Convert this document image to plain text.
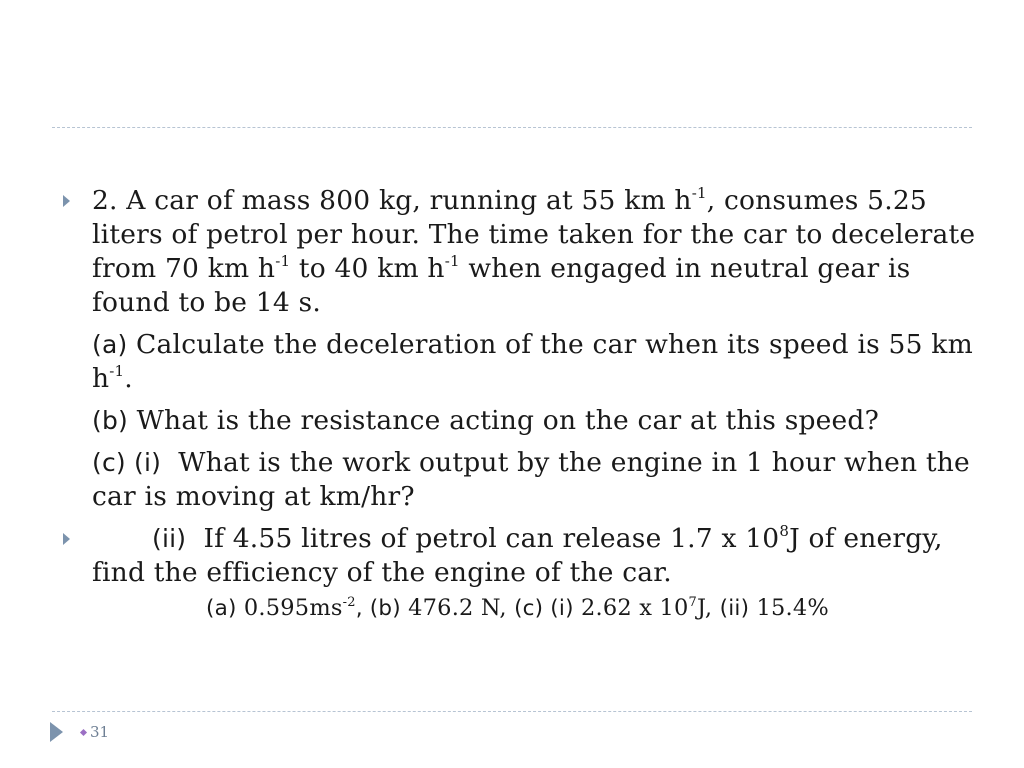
2. A car of mass 800 kg, running at 55 km $h^{-1}$, consumes 5.25 liters of petrol per hour. The time taken for the car to decelerate from 70 km $h^{-1}$ to 40 km $h^{-1}$ when engaged in neutral gear is found to be 14 s.
(a) Calculate the deceleration of the car when its speed is 55 km $h^{-1}$.
(b) What is the resistance acting on the car at this speed?
(c) (i)  What is the work output by the engine in 1 hour when the car is moving at km/hr?
(ii)  If 4.55 litres of petrol can release 1.7 x $10^8J$ of energy, find the efficiency of the engine of the car.
(a) $0.595ms^{-2}$, (b) 476.2 N, (c) (i) 2.62 x $10^7J$, (ii) 15.4%
31
